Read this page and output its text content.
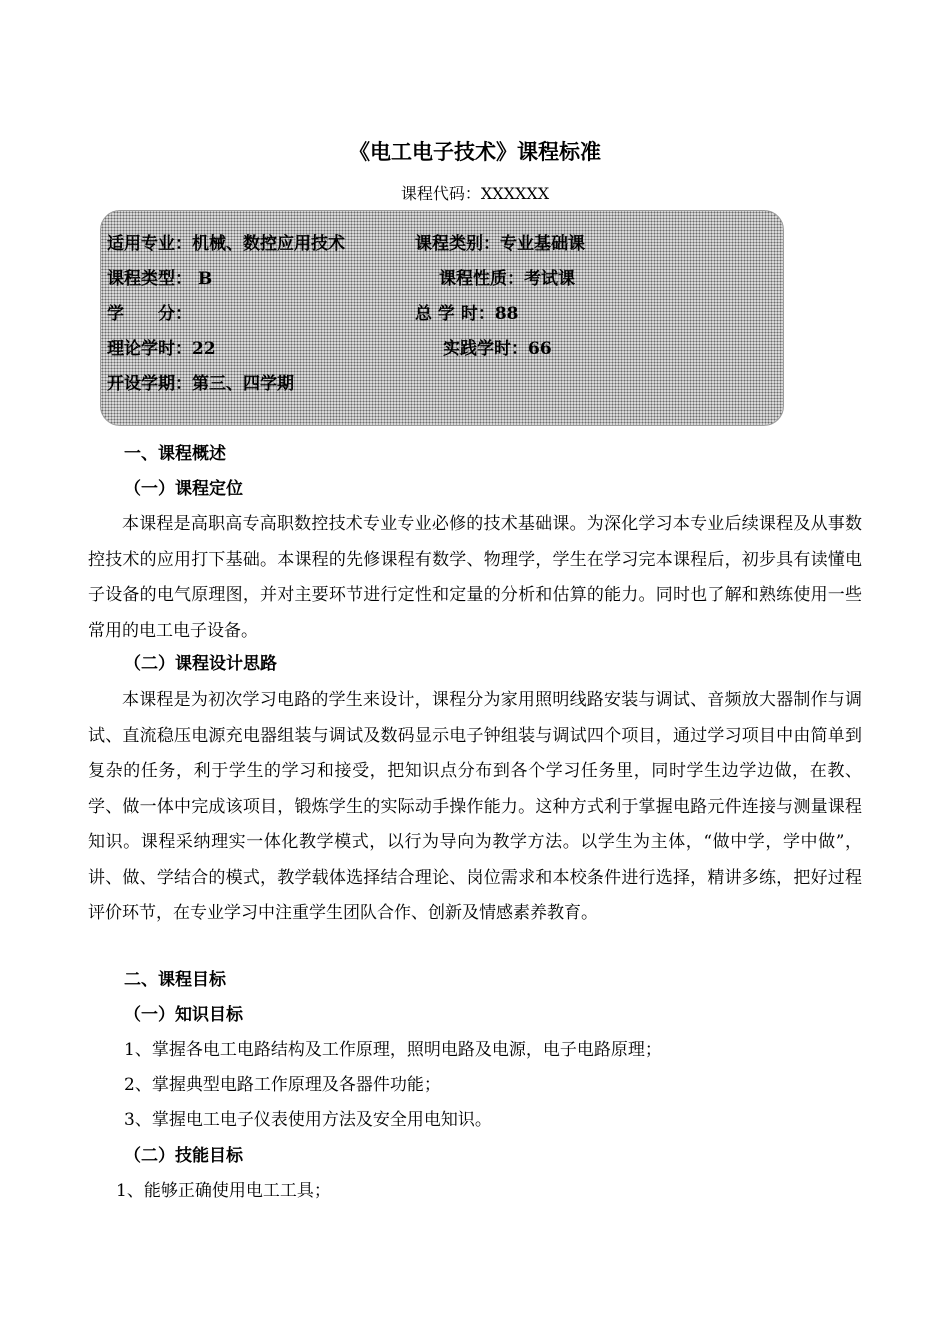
《电工电子技术》课程标准
课程代码：XXXXXX
适用专业：机械、数控应用技术	课程类别：专业基础课
课程类型： B	课程性质：考试课
学　　分：	总 学 时：88
理论学时：22	实践学时：66
开设学期：第三、四学期
一、课程概述
（一）课程定位
本课程是高职高专高职数控技术专业专业必修的技术基础课。为深化学习本专业后续课程及从事数控技术的应用打下基础。本课程的先修课程有数学、物理学，学生在学习完本课程后，初步具有读懂电子设备的电气原理图，并对主要环节进行定性和定量的分析和估算的能力。同时也了解和熟练使用一些常用的电工电子设备。
（二）课程设计思路
本课程是为初次学习电路的学生来设计，课程分为家用照明线路安装与调试、音频放大器制作与调试、直流稳压电源充电器组装与调试及数码显示电子钟组装与调试四个项目，通过学习项目中由简单到复杂的任务，利于学生的学习和接受，把知识点分布到各个学习任务里，同时学生边学边做，在教、学、做一体中完成该项目，锻炼学生的实际动手操作能力。这种方式利于掌握电路元件连接与测量课程知识。课程采纳理实一体化教学模式，以行为导向为教学方法。以学生为主体，“做中学，学中做”，讲、做、学结合的模式，教学载体选择结合理论、岗位需求和本校条件进行选择，精讲多练，把好过程评价环节，在专业学习中注重学生团队合作、创新及情感素养教育。
二、课程目标
（一）知识目标
1、掌握各电工电路结构及工作原理，照明电路及电源，电子电路原理；
2、掌握典型电路工作原理及各器件功能；
3、掌握电工电子仪表使用方法及安全用电知识。
（二）技能目标
1、能够正确使用电工工具；
